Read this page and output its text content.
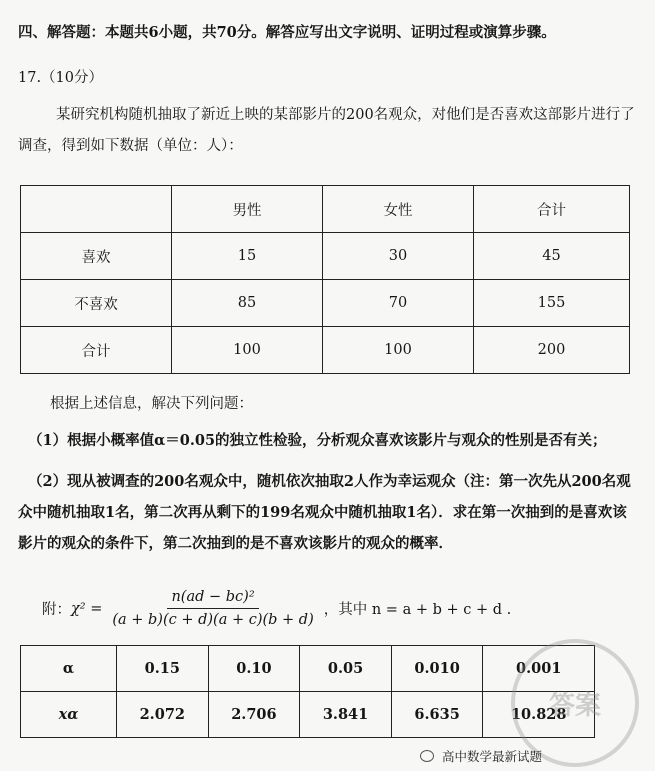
四、解答题：本题共6小题，共70分。解答应写出文字说明、证明过程或演算步骤。
17.（10分）
某研究机构随机抽取了新近上映的某部影片的200名观众，对他们是否喜欢这部影片进行了调查，得到如下数据（单位：人）：
	男性	女性	合计
喜欢	15	30	45
不喜欢	85	70	155
合计	100	100	200
根据上述信息，解决下列问题：
（1）根据小概率值α＝0.05的独立性检验，分析观众喜欢该影片与观众的性别是否有关；
（2）现从被调查的200名观众中，随机依次抽取2人作为幸运观众（注：第一次先从200名观众中随机抽取1名，第二次再从剩下的199名观众中随机抽取1名）．求在第一次抽到的是喜欢该影片的观众的条件下，第二次抽到的是不喜欢该影片的观众的概率．
附： $\chi^2 = \frac{\text{n(ad − bc)²}}{(a + b)(c + d)(a + c)(b + d)}$ ，其中 n = a + b + c + d .
α	0.15	0.10	0.05	0.010	0.001
xα	2.072	2.706	3.841	6.635	10.828
答案
高中数学最新试题
